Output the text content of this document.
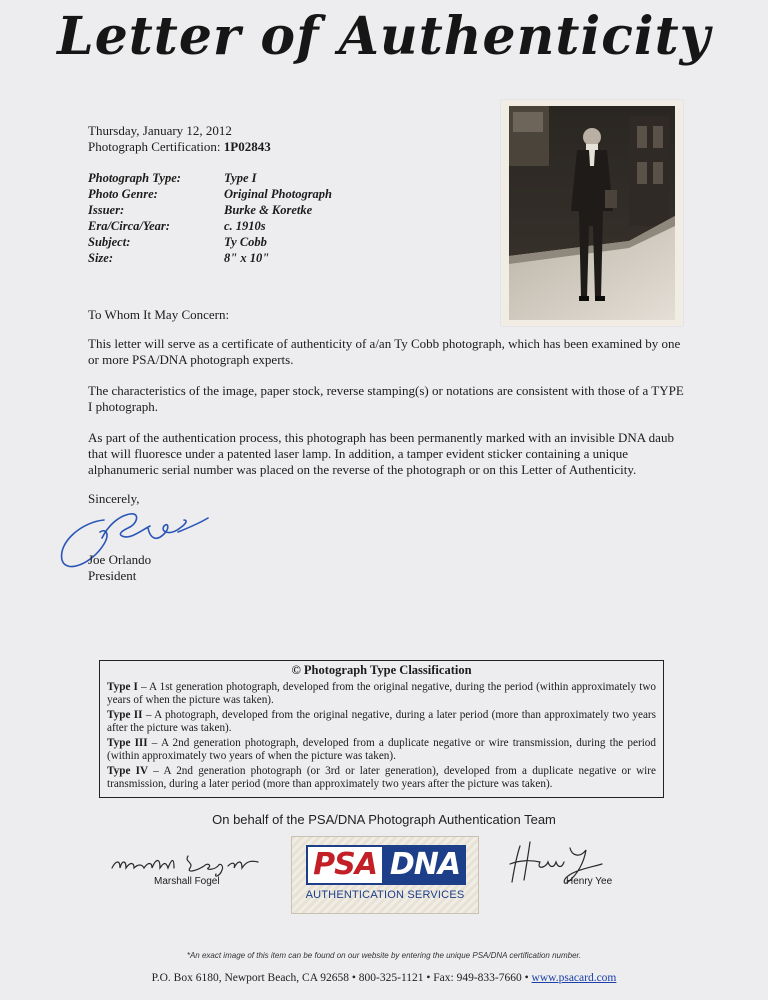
Letter of Authenticity
Thursday, January 12, 2012
Photograph Certification: 1P02843
Photograph Type:	Type I
Photo Genre:	Original Photograph
Issuer:	Burke & Koretke
Era/Circa/Year:	c. 1910s
Subject:	Ty Cobb
Size:	8" x 10"
To Whom It May Concern:
This letter will serve as a certificate of authenticity of a/an Ty Cobb photograph, which has been examined by one or more PSA/DNA photograph experts.
The characteristics of the image, paper stock, reverse stamping(s) or notations are consistent with those of a TYPE I photograph.
As part of the authentication process, this photograph has been permanently marked with an invisible DNA daub that will fluoresce under a patented laser lamp. In addition, a tamper evident sticker containing a unique alphanumeric serial number was placed on the reverse of the photograph or on this Letter of Authenticity.
Sincerely,
Joe Orlando
President
© Photograph Type Classification
Type I – A 1st generation photograph, developed from the original negative, during the period (within approximately two years of when the picture was taken).
Type II – A photograph, developed from the original negative, during a later period (more than approximately two years after the picture was taken).
Type III – A 2nd generation photograph, developed from a duplicate negative or wire transmission, during the period (within approximately two years of when the picture was taken).
Type IV – A 2nd generation photograph (or 3rd or later generation), developed from a duplicate negative or wire transmission, during a later period (more than approximately two years after the picture was taken).
On behalf of the PSA/DNA Photograph Authentication Team
Marshall Fogel	PSA DNA
AUTHENTICATION SERVICES
Henry Yee
*An exact image of this item can be found on our website by entering the unique PSA/DNA certification number.
P.O. Box 6180, Newport Beach, CA 92658 • 800-325-1121 • Fax: 949-833-7660 • www.psacard.com
